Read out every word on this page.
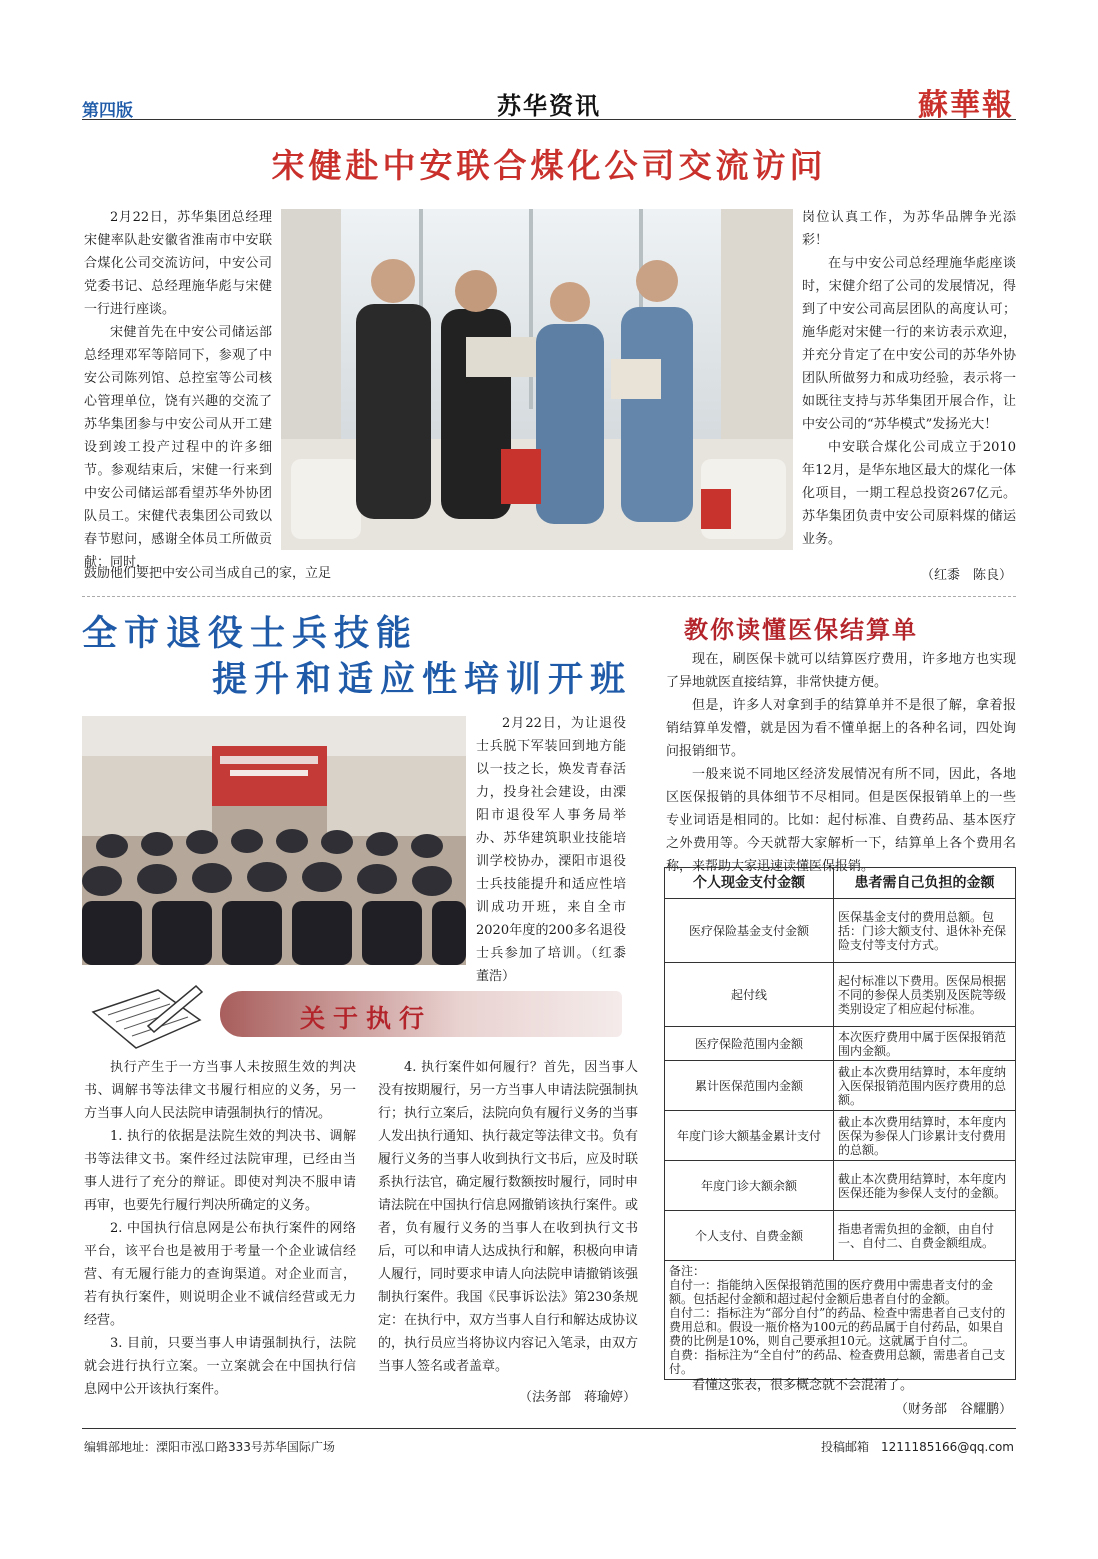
第四版	苏华资讯	蘇華報
宋健赴中安联合煤化公司交流访问

2月22日，苏华集团总经理宋健率队赴安徽省淮南市中安联合煤化公司交流访问，中安公司党委书记、总经理施华彪与宋健一行进行座谈。

宋健首先在中安公司储运部总经理邓军等陪同下，参观了中安公司陈列馆、总控室等公司核心管理单位，饶有兴趣的交流了苏华集团参与中安公司从开工建设到竣工投产过程中的许多细节。参观结束后，宋健一行来到中安公司储运部看望苏华外协团队员工。宋健代表集团公司致以春节慰问，感谢全体员工所做贡献；同时，

鼓励他们要把中安公司当成自己的家，立足

岗位认真工作，为苏华品牌争光添彩！

在与中安公司总经理施华彪座谈时，宋健介绍了公司的发展情况，得到了中安公司高层团队的高度认可；施华彪对宋健一行的来访表示欢迎，并充分肯定了在中安公司的苏华外协团队所做努力和成功经验，表示将一如既往支持与苏华集团开展合作，让中安公司的“苏华模式”发扬光大！

中安联合煤化公司成立于2010年12月，是华东地区最大的煤化一体化项目，一期工程总投资267亿元。苏华集团负责中安公司原料煤的储运业务。

（红黍　陈良）
全市退役士兵技能
提升和适应性培训开班

2月22日，为让退役士兵脱下军装回到地方能以一技之长，焕发青春活力，投身社会建设，由溧阳市退役军人事务局举办、苏华建筑职业技能培训学校协办，溧阳市退役士兵技能提升和适应性培训成功开班，来自全市2020年度的200多名退役士兵参加了培训。（红黍　董浩）

关于执行

执行产生于一方当事人未按照生效的判决书、调解书等法律文书履行相应的义务，另一方当事人向人民法院申请强制执行的情况。

1. 执行的依据是法院生效的判决书、调解书等法律文书。案件经过法院审理，已经由当事人进行了充分的辩证。即使对判决不服申请再审，也要先行履行判决所确定的义务。

2. 中国执行信息网是公布执行案件的网络平台，该平台也是被用于考量一个企业诚信经营、有无履行能力的查询渠道。对企业而言，若有执行案件，则说明企业不诚信经营或无力经营。

3. 目前，只要当事人申请强制执行，法院就会进行执行立案。一立案就会在中国执行信息网中公开该执行案件。

4. 执行案件如何履行？首先，因当事人没有按期履行，另一方当事人申请法院强制执行；执行立案后，法院向负有履行义务的当事人发出执行通知、执行裁定等法律文书。负有履行义务的当事人收到执行文书后，应及时联系执行法官，确定履行数额按时履行，同时申请法院在中国执行信息网撤销该执行案件。或者，负有履行义务的当事人在收到执行文书后，可以和申请人达成执行和解，积极向申请人履行，同时要求申请人向法院申请撤销该强制执行案件。我国《民事诉讼法》第230条规定：在执行中，双方当事人自行和解达成协议的，执行员应当将协议内容记入笔录，由双方当事人签名或者盖章。

（法务部　蒋瑜婷）
教你读懂医保结算单

现在，刷医保卡就可以结算医疗费用，许多地方也实现了异地就医直接结算，非常快捷方便。

但是，许多人对拿到手的结算单并不是很了解，拿着报销结算单发懵，就是因为看不懂单据上的各种名词，四处询问报销细节。

一般来说不同地区经济发展情况有所不同，因此，各地区医保报销的具体细节不尽相同。但是医保报销单上的一些专业词语是相同的。比如：起付标准、自费药品、基本医疗之外费用等。今天就帮大家解析一下，结算单上各个费用名称，来帮助大家迅速读懂医保报销。

个人现金支付金额	患者需自己负担的金额
医疗保险基金支付金额	医保基金支付的费用总额。包括：门诊大额支付、退休补充保险支付等支付方式。
起付线	起付标准以下费用。医保局根据不同的参保人员类别及医院等级类别设定了相应起付标准。
医疗保险范围内金额	本次医疗费用中属于医保报销范围内金额。
累计医保范围内金额	截止本次费用结算时，本年度纳入医保报销范围内医疗费用的总额。
年度门诊大额基金累计支付	截止本次费用结算时，本年度内医保为参保人门诊累计支付费用的总额。
年度门诊大额余额	截止本次费用结算时，本年度内医保还能为参保人支付的金额。
个人支付、自费金额	指患者需负担的金额，由自付一、自付二、自费金额组成。
备注：
自付一：指能纳入医保报销范围的医疗费用中需患者支付的金额。包括起付金额和超过起付金额后患者自付的金额。
自付二：指标注为“部分自付”的药品、检查中需患者自己支付的费用总和。假设一瓶价格为100元的药品属于自付药品，如果自费的比例是10%，则自己要承担10元。这就属于自付二。
自费：指标注为“全自付”的药品、检查费用总额，需患者自己支付。

看懂这张表，很多概念就不会混淆了。

（财务部　谷耀鹏）
编辑部地址：溧阳市泓口路333号苏华国际广场	投稿邮箱　1211185166@qq.com
